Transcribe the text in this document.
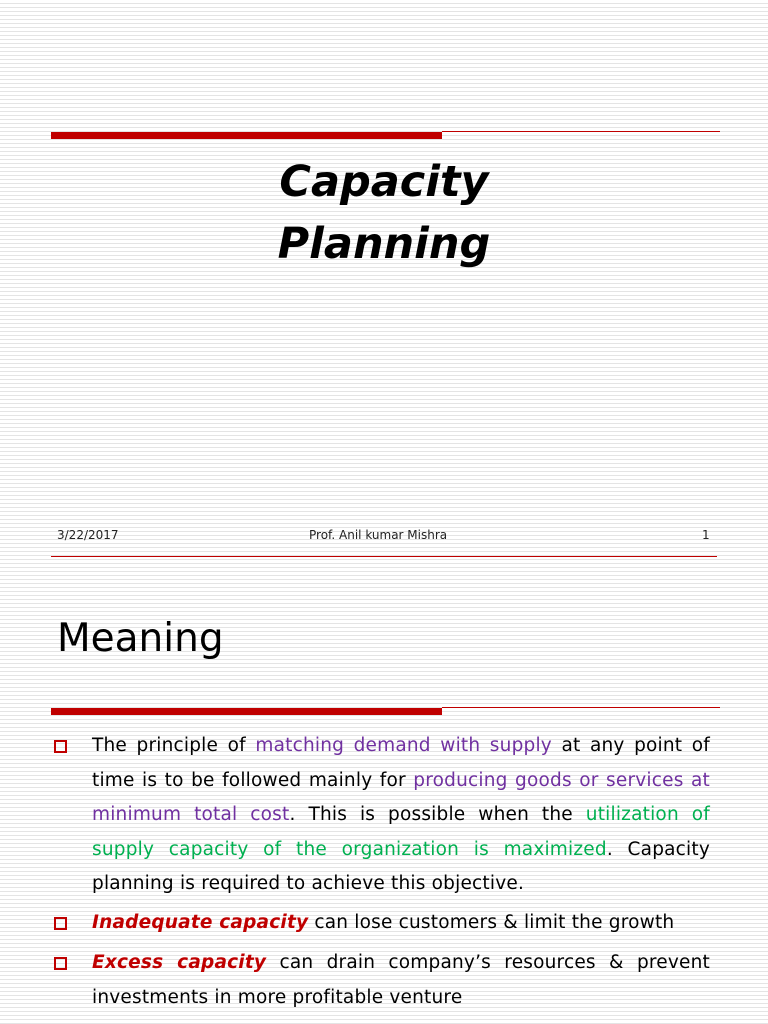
Capacity
Planning
3/22/2017	Prof. Anil kumar Mishra	1
Meaning
The principle of matching demand with supply at any point of time is to be followed mainly for producing goods or services at minimum total cost. This is possible when the utilization of supply capacity of the organization is maximized. Capacity planning is required to achieve this objective.
Inadequate capacity can lose customers & limit the growth
Excess capacity can drain company’s resources & prevent investments in more profitable venture
